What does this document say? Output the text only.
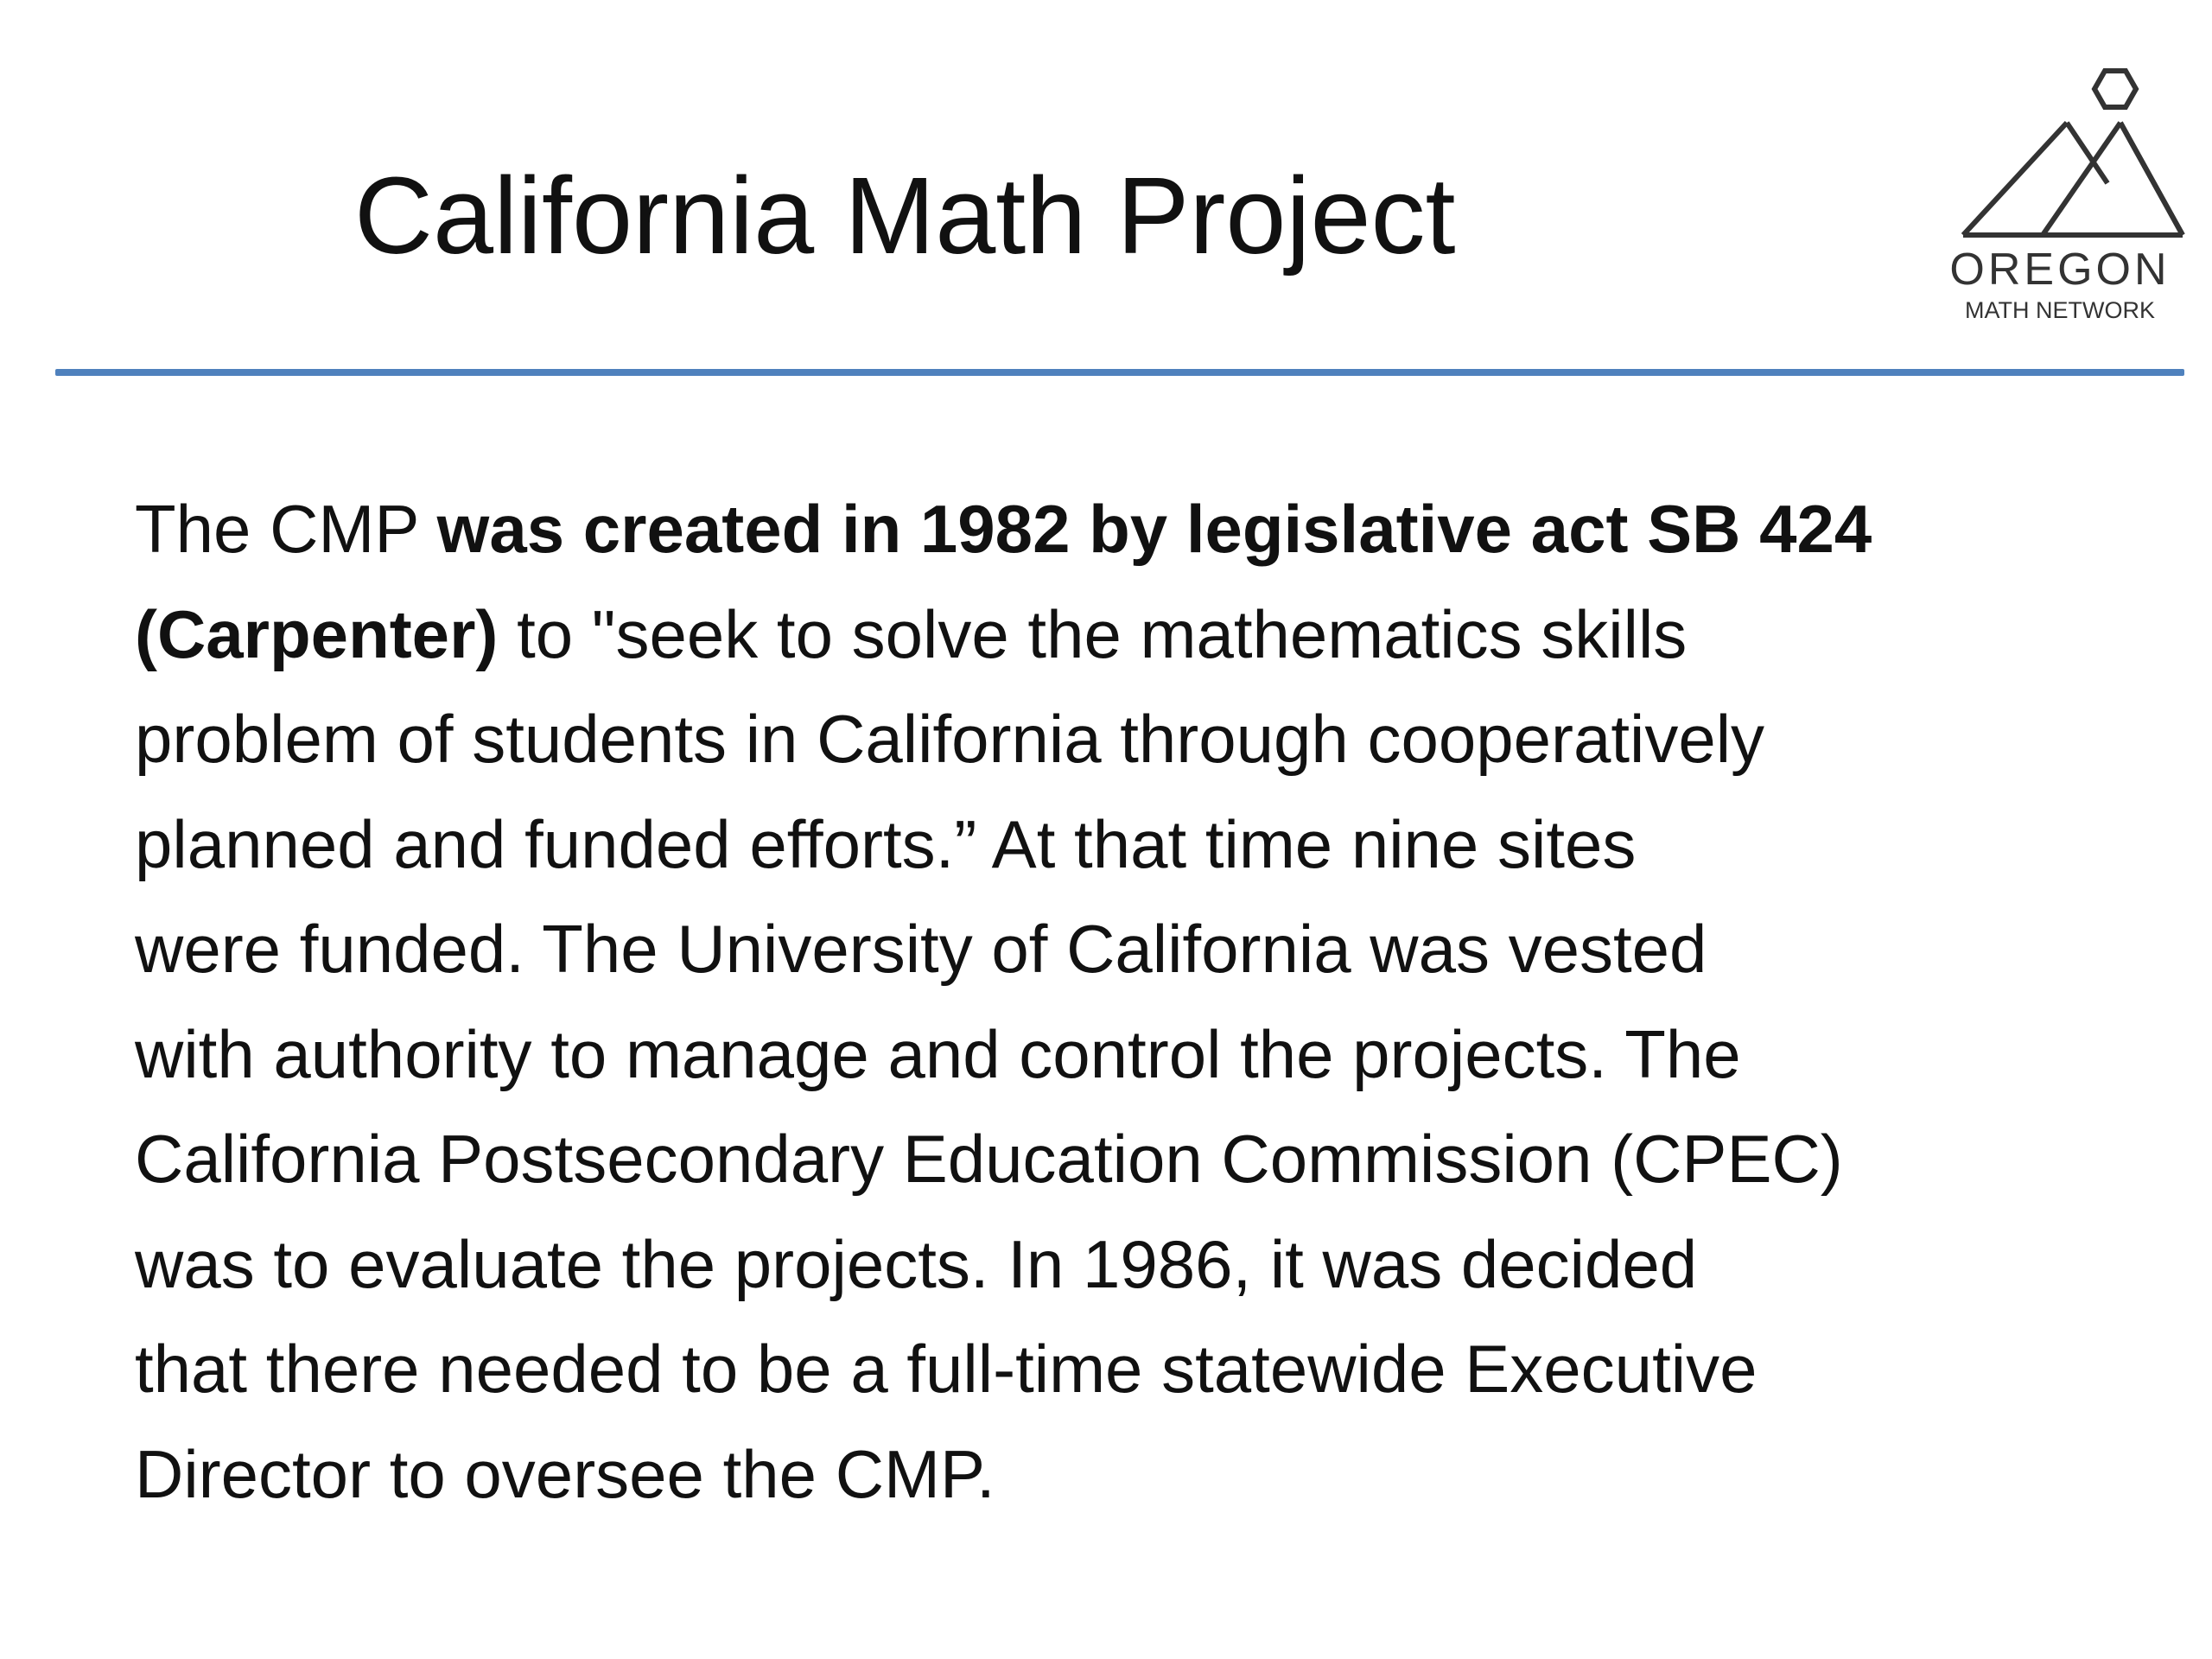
California Math Project	OREGON
MATH NETWORK

The CMP was created in 1982 by legislative act SB 424
(Carpenter) to "seek to solve the mathematics skills
problem of students in California through cooperatively
planned and funded efforts.” At that time nine sites
were funded. The University of California was vested
with authority to manage and control the projects. The
California Postsecondary Education Commission (CPEC)
was to evaluate the projects. In 1986, it was decided
that there needed to be a full-time statewide Executive
Director to oversee the CMP.
